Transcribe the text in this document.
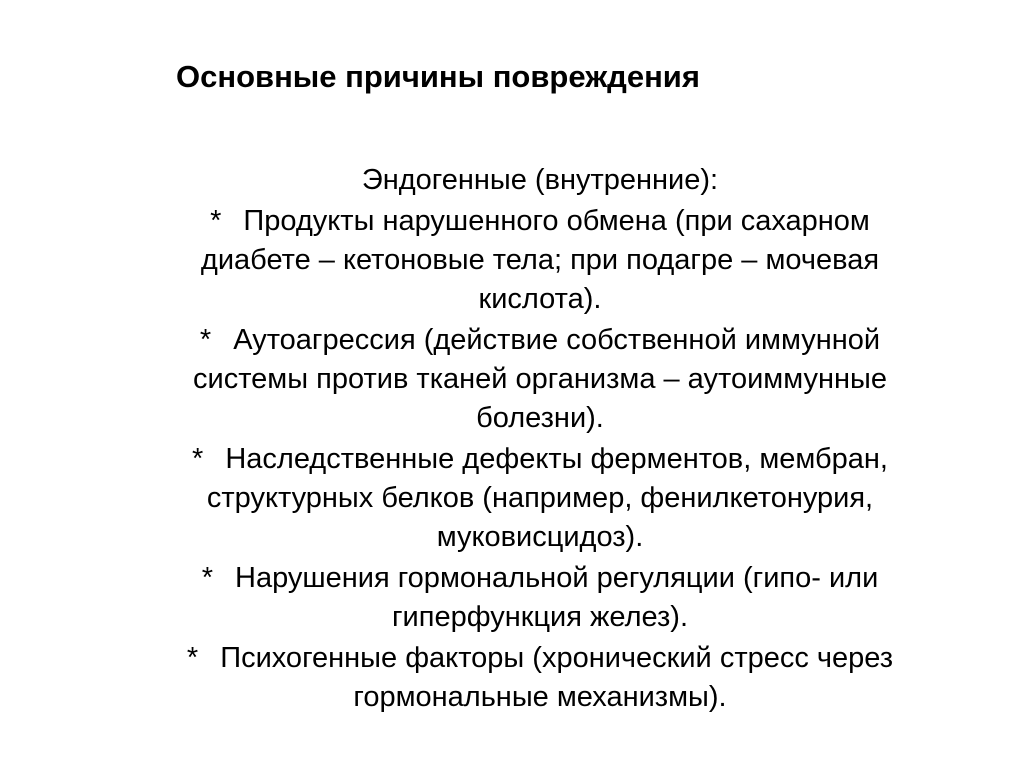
Основные причины повреждения

Эндогенные (внутренние):

* Продукты нарушенного обмена (при сахарном
диабете – кетоновые тела; при подагре – мочевая
кислота).

* Аутоагрессия (действие собственной иммунной
системы против тканей организма – аутоиммунные
болезни).

* Наследственные дефекты ферментов, мембран,
структурных белков (например, фенилкетонурия,
муковисцидоз).

* Нарушения гормональной регуляции (гипо- или
гиперфункция желез).

* Психогенные факторы (хронический стресс через
гормональные механизмы).
